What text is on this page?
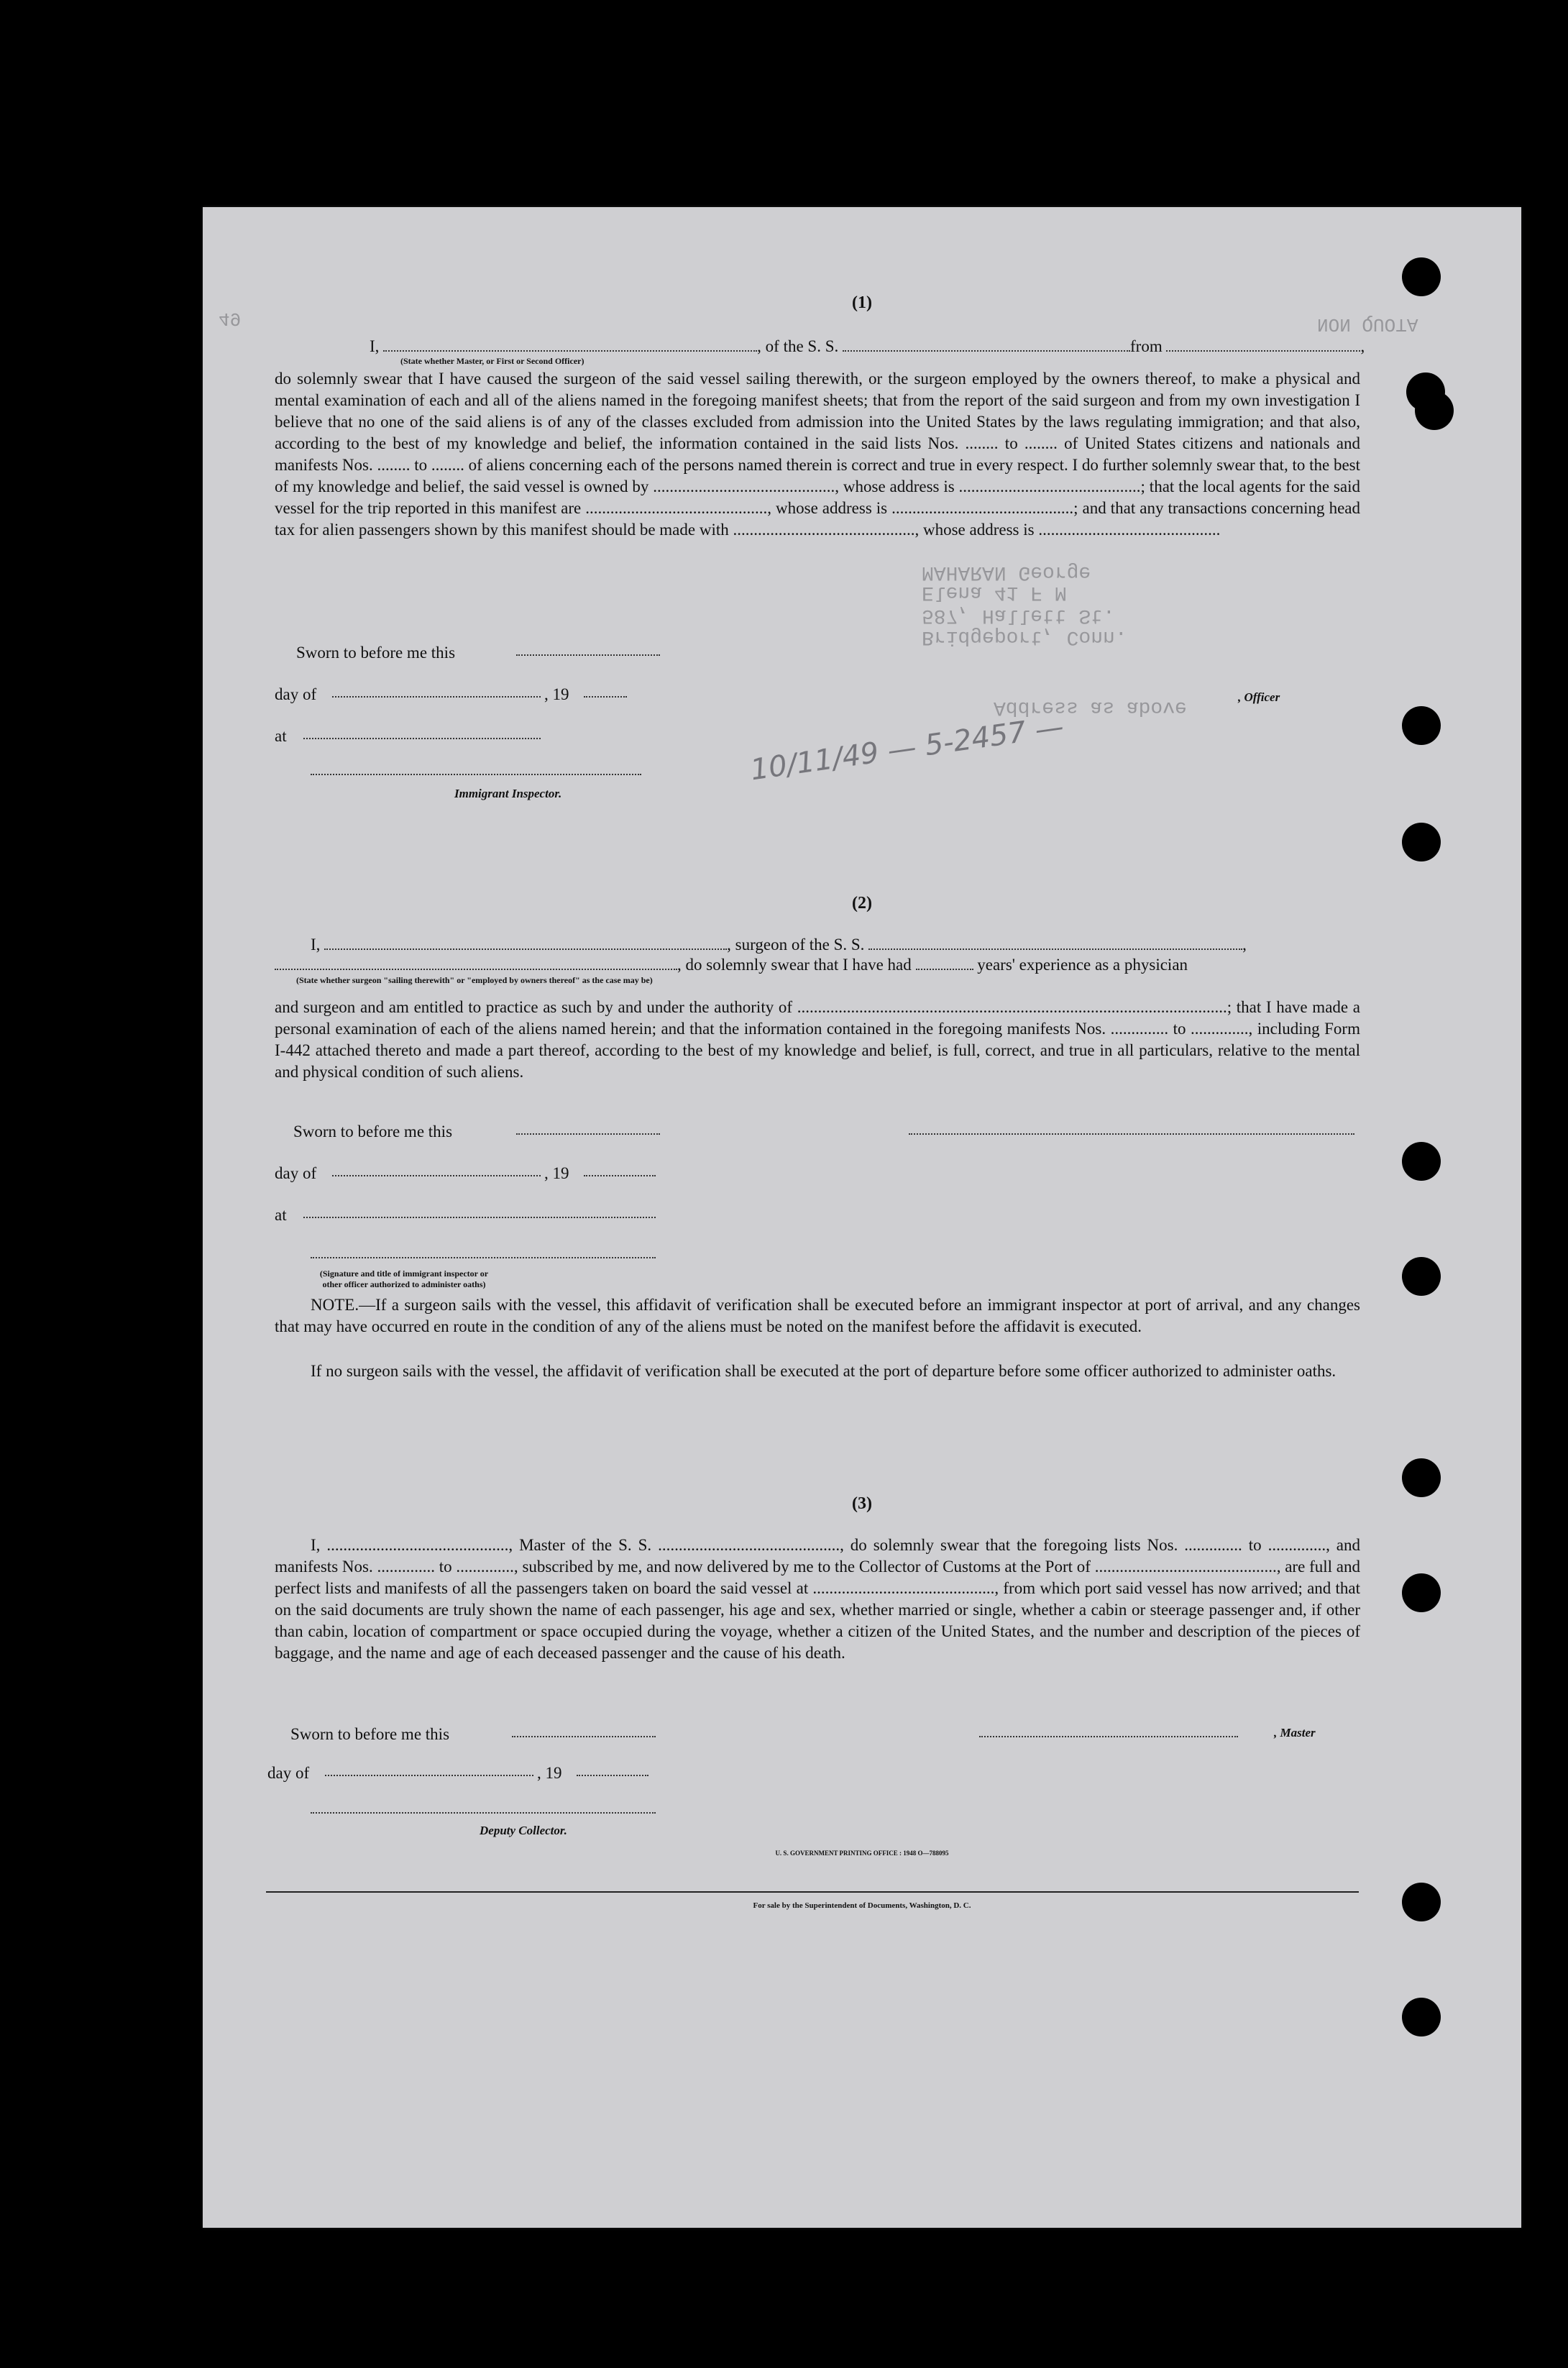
NON QUOTA
49
MAHARAN George
Elena 41 F M
587, Hallett St.
Bridgeport, Conn.
Address as above
10/11/49 — 5-2457 —
(1)
I,	, of the S. S.	from	,
(State whether Master, or First or Second Officer)
do solemnly swear that I have caused the surgeon of the said vessel sailing therewith, or the surgeon employed by the owners thereof, to make a physical and mental examination of each and all of the aliens named in the foregoing manifest sheets; that from the report of the said surgeon and from my own investigation I believe that no one of the said aliens is of any of the classes excluded from admission into the United States by the laws regulating immigration; and that also, according to the best of my knowledge and belief, the information contained in the said lists Nos. ........ to ........ of United States citizens and nationals and manifests Nos. ........ to ........ of aliens concerning each of the persons named therein is correct and true in every respect. I do further solemnly swear that, to the best of my knowledge and belief, the said vessel is owned by ............................................, whose address is ............................................; that the local agents for the said vessel for the trip reported in this manifest are ............................................, whose address is ............................................; and that any transactions concerning head tax for alien passengers shown by this manifest should be made with ............................................, whose address is ............................................
Sworn to before me this
day of	, 19	, Officer
at
Immigrant Inspector.
(2)
I,	, surgeon of the S. S.	,
, do solemnly swear that I have had	years' experience as a physician
(State whether surgeon "sailing therewith" or "employed by owners thereof" as the case may be)
and surgeon and am entitled to practice as such by and under the authority of ........................................................................................................; that I have made a personal examination of each of the aliens named herein; and that the information contained in the foregoing manifests Nos. .............. to .............., including Form I-442 attached thereto and made a part thereof, according to the best of my knowledge and belief, is full, correct, and true in all particulars, relative to the mental and physical condition of such aliens.
Sworn to before me this
day of	, 19
at
(Signature and title of immigrant inspector or other officer authorized to administer oaths)
NOTE.—If a surgeon sails with the vessel, this affidavit of verification shall be executed before an immigrant inspector at port of arrival, and any changes that may have occurred en route in the condition of any of the aliens must be noted on the manifest before the affidavit is executed.
If no surgeon sails with the vessel, the affidavit of verification shall be executed at the port of departure before some officer authorized to administer oaths.
(3)
I, ............................................, Master of the S. S. ............................................, do solemnly swear that the foregoing lists Nos. .............. to .............., and manifests Nos. .............. to .............., subscribed by me, and now delivered by me to the Collector of Customs at the Port of ............................................, are full and perfect lists and manifests of all the passengers taken on board the said vessel at ............................................, from which port said vessel has now arrived; and that on the said documents are truly shown the name of each passenger, his age and sex, whether married or single, whether a cabin or steerage passenger and, if other than cabin, location of compartment or space occupied during the voyage, whether a citizen of the United States, and the number and description of the pieces of baggage, and the name and age of each deceased passenger and the cause of his death.
Sworn to before me this	, Master
day of	, 19
Deputy Collector.
U. S. GOVERNMENT PRINTING OFFICE : 1948 O—788095
For sale by the Superintendent of Documents, Washington, D. C.
